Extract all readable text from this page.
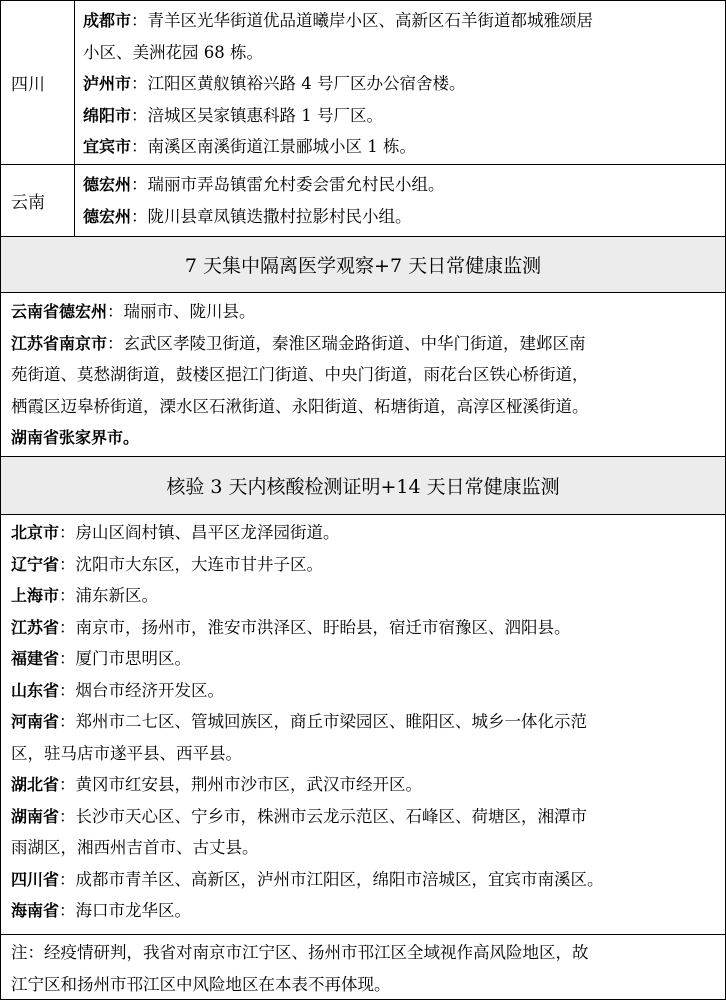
四川
成都市：青羊区光华街道优品道曦岸小区、高新区石羊街道都城雅颂居
小区、美洲花园 68 栋。
泸州市：江阳区黄舣镇裕兴路 4 号厂区办公宿舍楼。
绵阳市：涪城区吴家镇惠科路 1 号厂区。
宜宾市：南溪区南溪街道江景郦城小区 1 栋。
云南
德宏州：瑞丽市弄岛镇雷允村委会雷允村民小组。
德宏州：陇川县章凤镇迭撒村拉影村民小组。
7 天集中隔离医学观察+7 天日常健康监测
云南省德宏州：瑞丽市、陇川县。
江苏省南京市：玄武区孝陵卫街道，秦淮区瑞金路街道、中华门街道，建邺区南
苑街道、莫愁湖街道，鼓楼区挹江门街道、中央门街道，雨花台区铁心桥街道，
栖霞区迈皋桥街道，溧水区石湫街道、永阳街道、柘塘街道，高淳区桠溪街道。
湖南省张家界市。
核验 3 天内核酸检测证明+14 天日常健康监测
北京市：房山区阎村镇、昌平区龙泽园街道。
辽宁省：沈阳市大东区，大连市甘井子区。
上海市：浦东新区。
江苏省：南京市，扬州市，淮安市洪泽区、盱眙县，宿迁市宿豫区、泗阳县。
福建省：厦门市思明区。
山东省：烟台市经济开发区。
河南省：郑州市二七区、管城回族区，商丘市梁园区、睢阳区、城乡一体化示范
区，驻马店市遂平县、西平县。
湖北省：黄冈市红安县，荆州市沙市区，武汉市经开区。
湖南省：长沙市天心区、宁乡市，株洲市云龙示范区、石峰区、荷塘区，湘潭市
雨湖区，湘西州吉首市、古丈县。
四川省：成都市青羊区、高新区，泸州市江阳区，绵阳市涪城区，宜宾市南溪区。
海南省：海口市龙华区。
注：经疫情研判，我省对南京市江宁区、扬州市邗江区全域视作高风险地区，故
江宁区和扬州市邗江区中风险地区在本表不再体现。
